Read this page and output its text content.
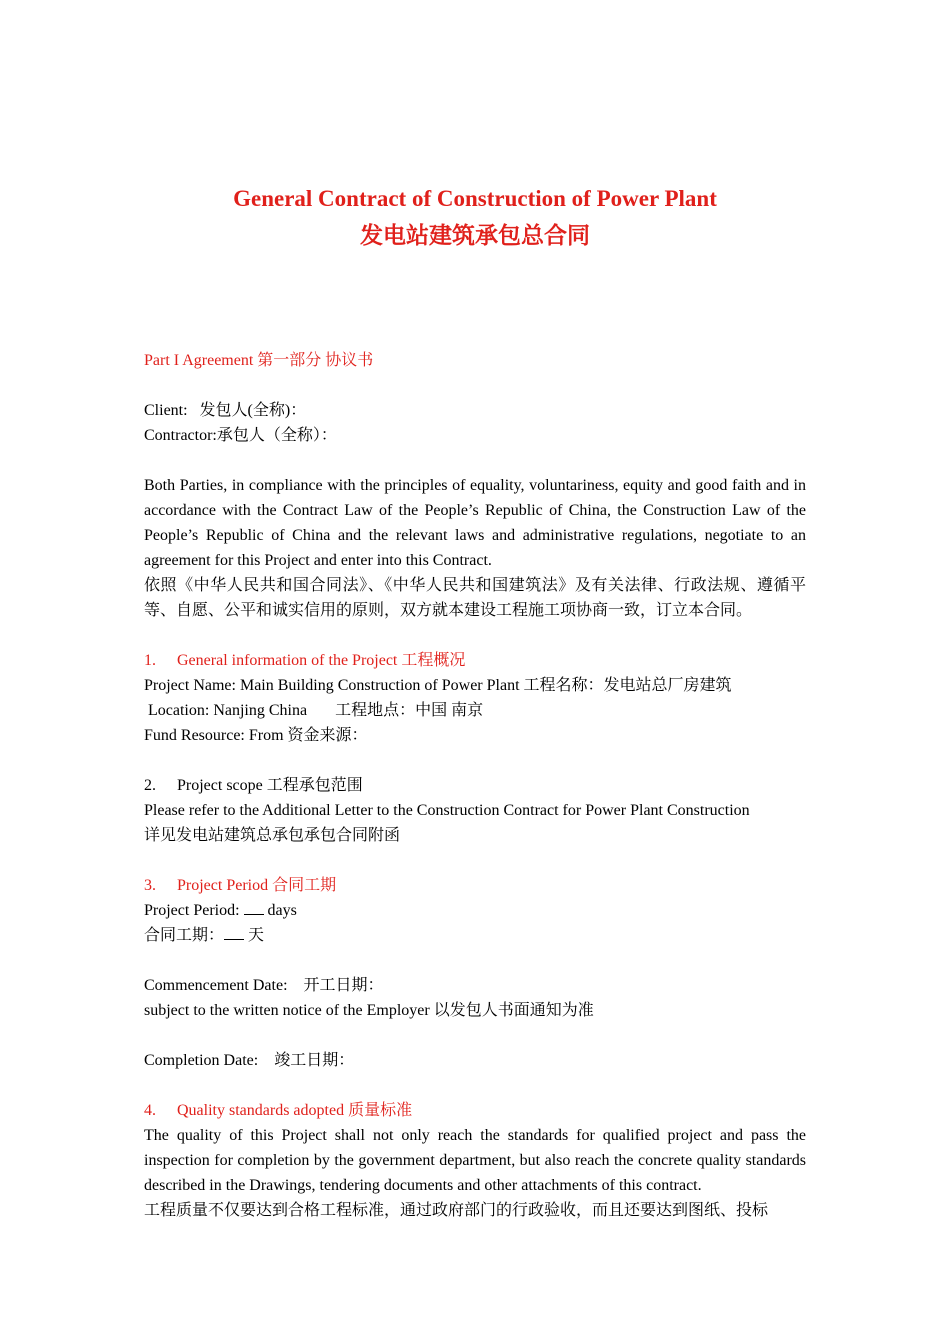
General Contract of Construction of Power Plant
发电站建筑承包总合同

Part I Agreement 第一部分 协议书

Client:   发包人(全称)：

Contractor:承包人（全称）：

Both Parties, in compliance with the principles of equality, voluntariness, equity and good faith and in accordance with the Contract Law of the People’s Republic of China, the Construction Law of the People’s Republic of China and the relevant laws and administrative regulations, negotiate to an agreement for this Project and enter into this Contract.

依照《中华人民共和国合同法》、《中华人民共和国建筑法》及有关法律、行政法规、遵循平等、自愿、公平和诚实信用的原则，双方就本建设工程施工项协商一致，订立本合同。

1. General information of the Project 工程概况

Project Name: Main Building Construction of Power Plant 工程名称：发电站总厂房建筑

Location: Nanjing China       工程地点：中国 南京

Fund Resource: From 资金来源：

2. Project scope 工程承包范围

Please refer to the Additional Letter to the Construction Contract for Power Plant Construction

详见发电站建筑总承包承包合同附函

3. Project Period 合同工期

Project Period:  days

合同工期： 天

Commencement Date:    开工日期：

subject to the written notice of the Employer 以发包人书面通知为准

Completion Date:    竣工日期：

4. Quality standards adopted 质量标准

The quality of this Project shall not only reach the standards for qualified project and pass the inspection for completion by the government department, but also reach the concrete quality standards described in the Drawings, tendering documents and other attachments of this contract.

工程质量不仅要达到合格工程标准，通过政府部门的行政验收，而且还要达到图纸、投标
